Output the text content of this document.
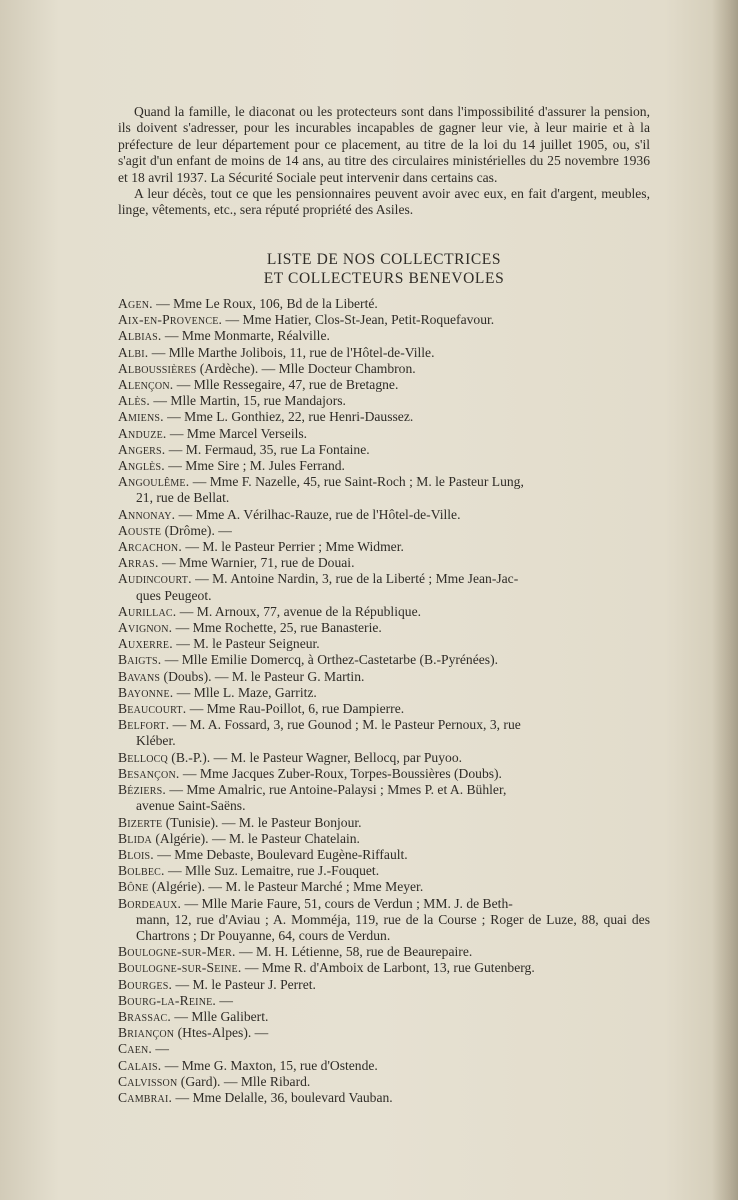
Quand la famille, le diaconat ou les protecteurs sont dans l'impossibilité d'assurer la pension, ils doivent s'adresser, pour les incurables incapables de gagner leur vie, à leur mairie et à la préfecture de leur département pour ce placement, au titre de la loi du 14 juillet 1905, ou, s'il s'agit d'un enfant de moins de 14 ans, au titre des circulaires ministérielles du 25 novembre 1936 et 18 avril 1937. La Sécurité Sociale peut intervenir dans certains cas.

A leur décès, tout ce que les pensionnaires peuvent avoir avec eux, en fait d'argent, meubles, linge, vêtements, etc., sera réputé propriété des Asiles.

LISTE DE NOS COLLECTRICES
ET COLLECTEURS BENEVOLES

Agen. — Mme Le Roux, 106, Bd de la Liberté.

Aix-en-Provence. — Mme Hatier, Clos-St-Jean, Petit-Roquefavour.

Albias. — Mme Monmarte, Réalville.

Albi. — Mlle Marthe Jolibois, 11, rue de l'Hôtel-de-Ville.

Alboussières (Ardèche). — Mlle Docteur Chambron.

Alençon. — Mlle Ressegaire, 47, rue de Bretagne.

Alès. — Mlle Martin, 15, rue Mandajors.

Amiens. — Mme L. Gonthiez, 22, rue Henri-Daussez.

Anduze. — Mme Marcel Verseils.

Angers. — M. Fermaud, 35, rue La Fontaine.

Anglès. — Mme Sire ; M. Jules Ferrand.

Angoulême. — Mme F. Nazelle, 45, rue Saint-Roch ; M. le Pasteur Lung,
21, rue de Bellat.

Annonay. — Mme A. Vérilhac-Rauze, rue de l'Hôtel-de-Ville.

Aouste (Drôme). —

Arcachon. — M. le Pasteur Perrier ; Mme Widmer.

Arras. — Mme Warnier, 71, rue de Douai.

Audincourt. — M. Antoine Nardin, 3, rue de la Liberté ; Mme Jean-Jac-
ques Peugeot.

Aurillac. — M. Arnoux, 77, avenue de la République.

Avignon. — Mme Rochette, 25, rue Banasterie.

Auxerre. — M. le Pasteur Seigneur.

Baigts. — Mlle Emilie Domercq, à Orthez-Castetarbe (B.-Pyrénées).

Bavans (Doubs). — M. le Pasteur G. Martin.

Bayonne. — Mlle L. Maze, Garritz.

Beaucourt. — Mme Rau-Poillot, 6, rue Dampierre.

Belfort. — M. A. Fossard, 3, rue Gounod ; M. le Pasteur Pernoux, 3, rue
Kléber.

Bellocq (B.-P.). — M. le Pasteur Wagner, Bellocq, par Puyoo.

Besançon. — Mme Jacques Zuber-Roux, Torpes-Boussières (Doubs).

Béziers. — Mme Amalric, rue Antoine-Palaysi ; Mmes P. et A. Bühler,
avenue Saint-Saëns.

Bizerte (Tunisie). — M. le Pasteur Bonjour.

Blida (Algérie). — M. le Pasteur Chatelain.

Blois. — Mme Debaste, Boulevard Eugène-Riffault.

Bolbec. — Mlle Suz. Lemaitre, rue J.-Fouquet.

Bône (Algérie). — M. le Pasteur Marché ; Mme Meyer.

Bordeaux. — Mlle Marie Faure, 51, cours de Verdun ; MM. J. de Beth-
mann, 12, rue d'Aviau ; A. Momméja, 119, rue de la Course ; Roger de Luze, 88, quai des Chartrons ; Dr Pouyanne, 64, cours de Verdun.

Boulogne-sur-Mer. — M. H. Létienne, 58, rue de Beaurepaire.

Boulogne-sur-Seine. — Mme R. d'Amboix de Larbont, 13, rue Gutenberg.

Bourges. — M. le Pasteur J. Perret.

Bourg-la-Reine. —

Brassac. — Mlle Galibert.

Briançon (Htes-Alpes). —

Caen. —

Calais. — Mme G. Maxton, 15, rue d'Ostende.

Calvisson (Gard). — Mlle Ribard.

Cambrai. — Mme Delalle, 36, boulevard Vauban.
